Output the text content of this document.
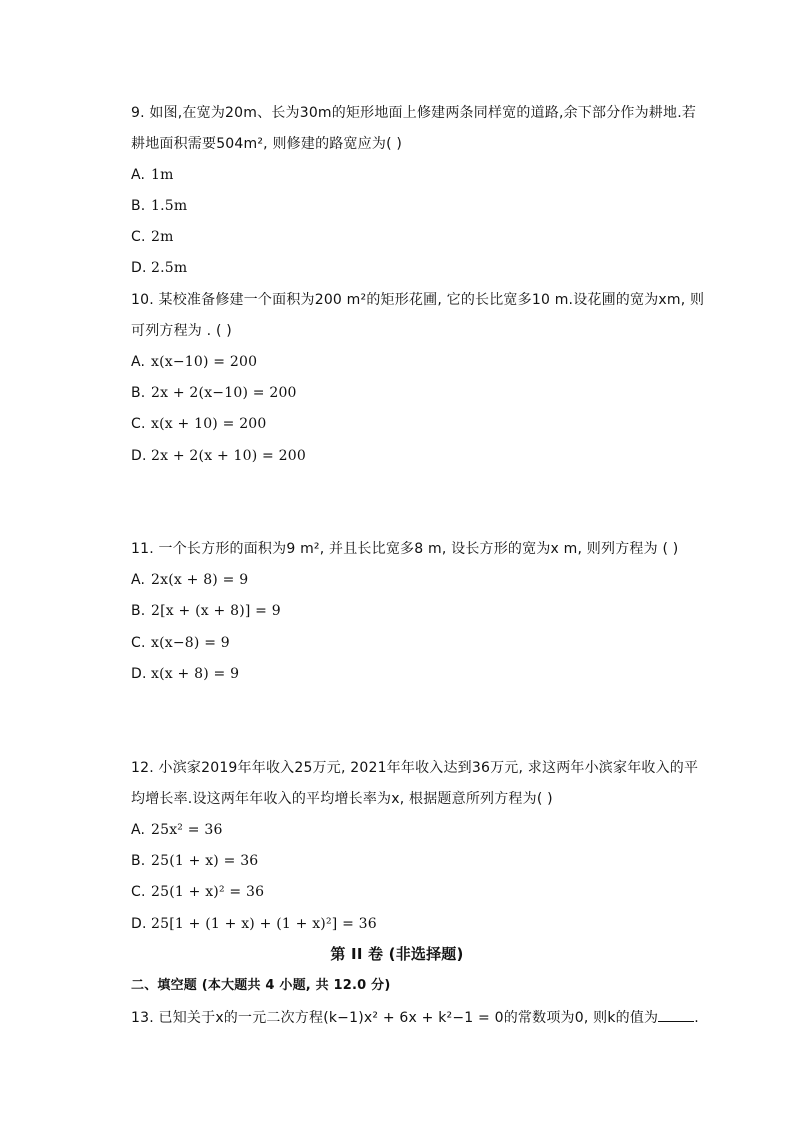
9. 如图,在宽为20m、长为30m的矩形地面上修建两条同样宽的道路,余下部分作为耕地.若
耕地面积需要504m², 则修建的路宽应为( )
A. 1m
B. 1.5m
C. 2m
D. 2.5m
10. 某校准备修建一个面积为200 m²的矩形花圃, 它的长比宽多10 m.设花圃的宽为xm, 则
可列方程为 . ( )
A. x(x−10) = 200
B. 2x + 2(x−10) = 200
C. x(x + 10) = 200
D. 2x + 2(x + 10) = 200
11. 一个长方形的面积为9 m², 并且长比宽多8 m, 设长方形的宽为x m, 则列方程为 ( )
A. 2x(x + 8) = 9
B. 2[x + (x + 8)] = 9
C. x(x−8) = 9
D. x(x + 8) = 9
12. 小滨家2019年年收入25万元, 2021年年收入达到36万元, 求这两年小滨家年收入的平
均增长率.设这两年年收入的平均增长率为x, 根据题意所列方程为( )
A. 25x² = 36
B. 25(1 + x) = 36
C. 25(1 + x)² = 36
D. 25[1 + (1 + x) + (1 + x)²] = 36
第 II 卷 (非选择题)
二、填空题 (本大题共 4 小题, 共 12.0 分)
13. 已知关于x的一元二次方程(k−1)x² + 6x + k²−1 = 0的常数项为0, 则k的值为	.
